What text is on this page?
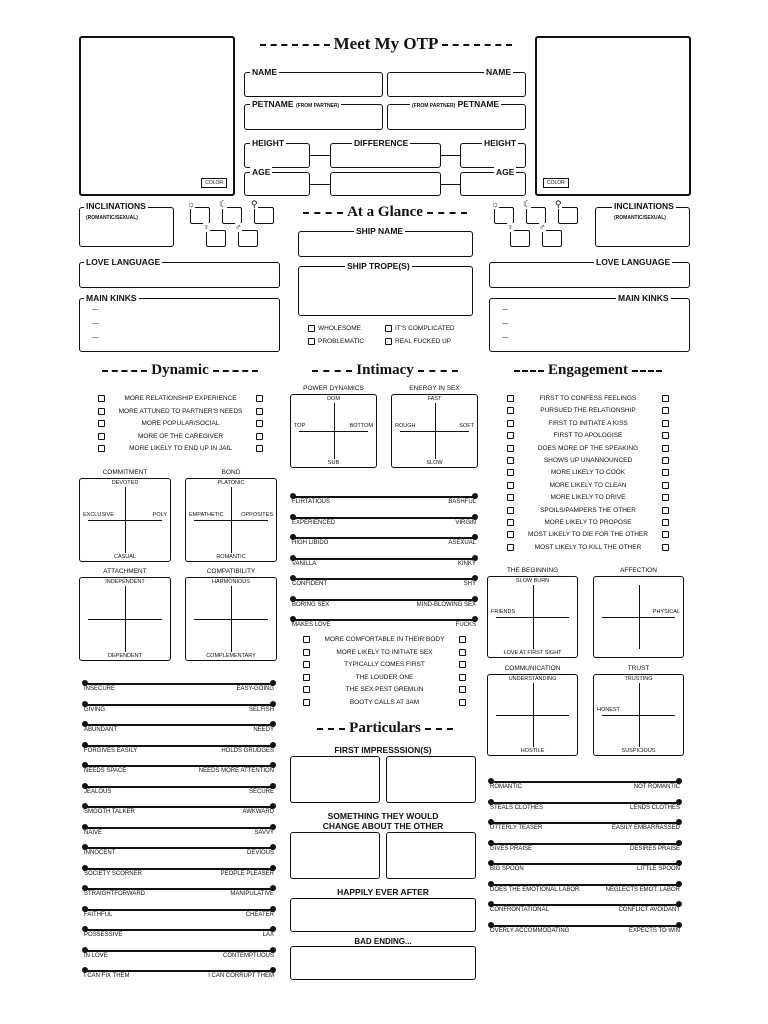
COLOR	COLOR
Meet My OTP
NAME	NAME
PETNAME (FROM PARTNER)	(FROM PARTNER) PETNAME
HEIGHT	DIFFERENCE	HEIGHT
AGE	AGE
At a Glance
INCLINATIONS
(ROMANTIC/SEXUAL)
☼	☾	⚲
♀	♂
INCLINATIONS
(ROMANTIC/SEXUAL)
☼	☾	⚲
♀	♂
SHIP NAME
LOVE LANGUAGE	LOVE LANGUAGE
SHIP TROPE(S)
MAIN KINKS
—
—
—
MAIN KINKS
—
—
—
WHOLESOME	IT'S COMPLICATED
PROBLEMATIC	REAL FUCKED UP
Dynamic	Intimacy	Engagement
MORE RELATIONSHIP EXPERIENCE
MORE ATTUNED TO PARTNER'S NEEDS
MORE POPULAR/SOCIAL
MORE OF THE CAREGIVER
MORE LIKELY TO END UP IN JAIL
COMMITMENT
DEVOTED
CASUAL
EXCLUSIVE	POLY
BOND
PLATONIC
ROMANTIC
EMPATHETIC	OPPOSITES
ATTACHMENT
INDEPENDENT
DEPENDENT
COMPATIBILITY
HARMONIOUS
COMPLEMENTARY
INSECURE	EASY-GOING
GIVING	SELFISH
ABUNDANT	NEEDY
FORGIVES EASILY	HOLDS GRUDGES
NEEDS SPACE	NEEDS MORE ATTENTION
JEALOUS	SECURE
SMOOTH TALKER	AWKWARD
NAIVE	SAVVY
INNOCENT	DEVIOUS
SOCIETY SCORNER	PEOPLE PLEASER
STRAIGHTFORWARD	MANIPULATIVE
FAITHFUL	CHEATER
POSSESSIVE	LAX
IN LOVE	CONTEMPTUOUS
I CAN FIX THEM	I CAN CORRUPT THEM
POWER DYNAMICS
DOM
SUB
TOP	BOTTOM
ENERGY IN SEX
FAST
SLOW
ROUGH	SOFT
FLIRTATIOUS	BASHFUL
EXPERIENCED	VIRGIN
HIGH LIBIDO	ASEXUAL
VANILLA	KINKY
CONFIDENT	SHY
BORING SEX	MIND-BLOWING SEX
MAKES LOVE	FUCKS
MORE COMFORTABLE IN THEIR BODY
MORE LIKELY TO INITIATE SEX
TYPICALLY COMES FIRST
THE LOUDER ONE
THE SEX PEST GREMLIN
BOOTY CALLS AT 3AM
FIRST TO CONFESS FEELINGS
PURSUED THE RELATIONSHIP
FIRST TO INITIATE A KISS
FIRST TO APOLOGISE
DOES MORE OF THE SPEAKING
SHOWS UP UNANNOUNCED
MORE LIKELY TO COOK
MORE LIKELY TO CLEAN
MORE LIKELY TO DRIVE
SPOILS/PAMPERS THE OTHER
MORE LIKELY TO PROPOSE
MOST LIKELY TO DIE FOR THE OTHER
MOST LIKELY TO KILL THE OTHER
THE BEGINNING
SLOW BURN
LOVE AT FIRST SIGHT
FRIENDS
AFFECTION
PHYSICAL
COMMUNICATION
UNDERSTANDING
HOSTILE
TRUST
TRUSTING
SUSPICIOUS
HONEST
ROMANTIC	NOT ROMANTIC
STEALS CLOTHES	LENDS CLOTHES
UTTERLY TEASER	EASILY EMBARRASSED
GIVES PRAISE	DESIRES PRAISE
BIG SPOON	LITTLE SPOON
DOES THE EMOTIONAL LABOR	NEGLECTS EMOT. LABOR
CONFRONTATIONAL	CONFLICT AVOIDANT
OVERLY ACCOMMODATING	EXPECTS TO WIN
Particulars
FIRST IMPRESSSION(S)
SOMETHING THEY WOULD
CHANGE ABOUT THE OTHER
HAPPILY EVER AFTER
BAD ENDING...
